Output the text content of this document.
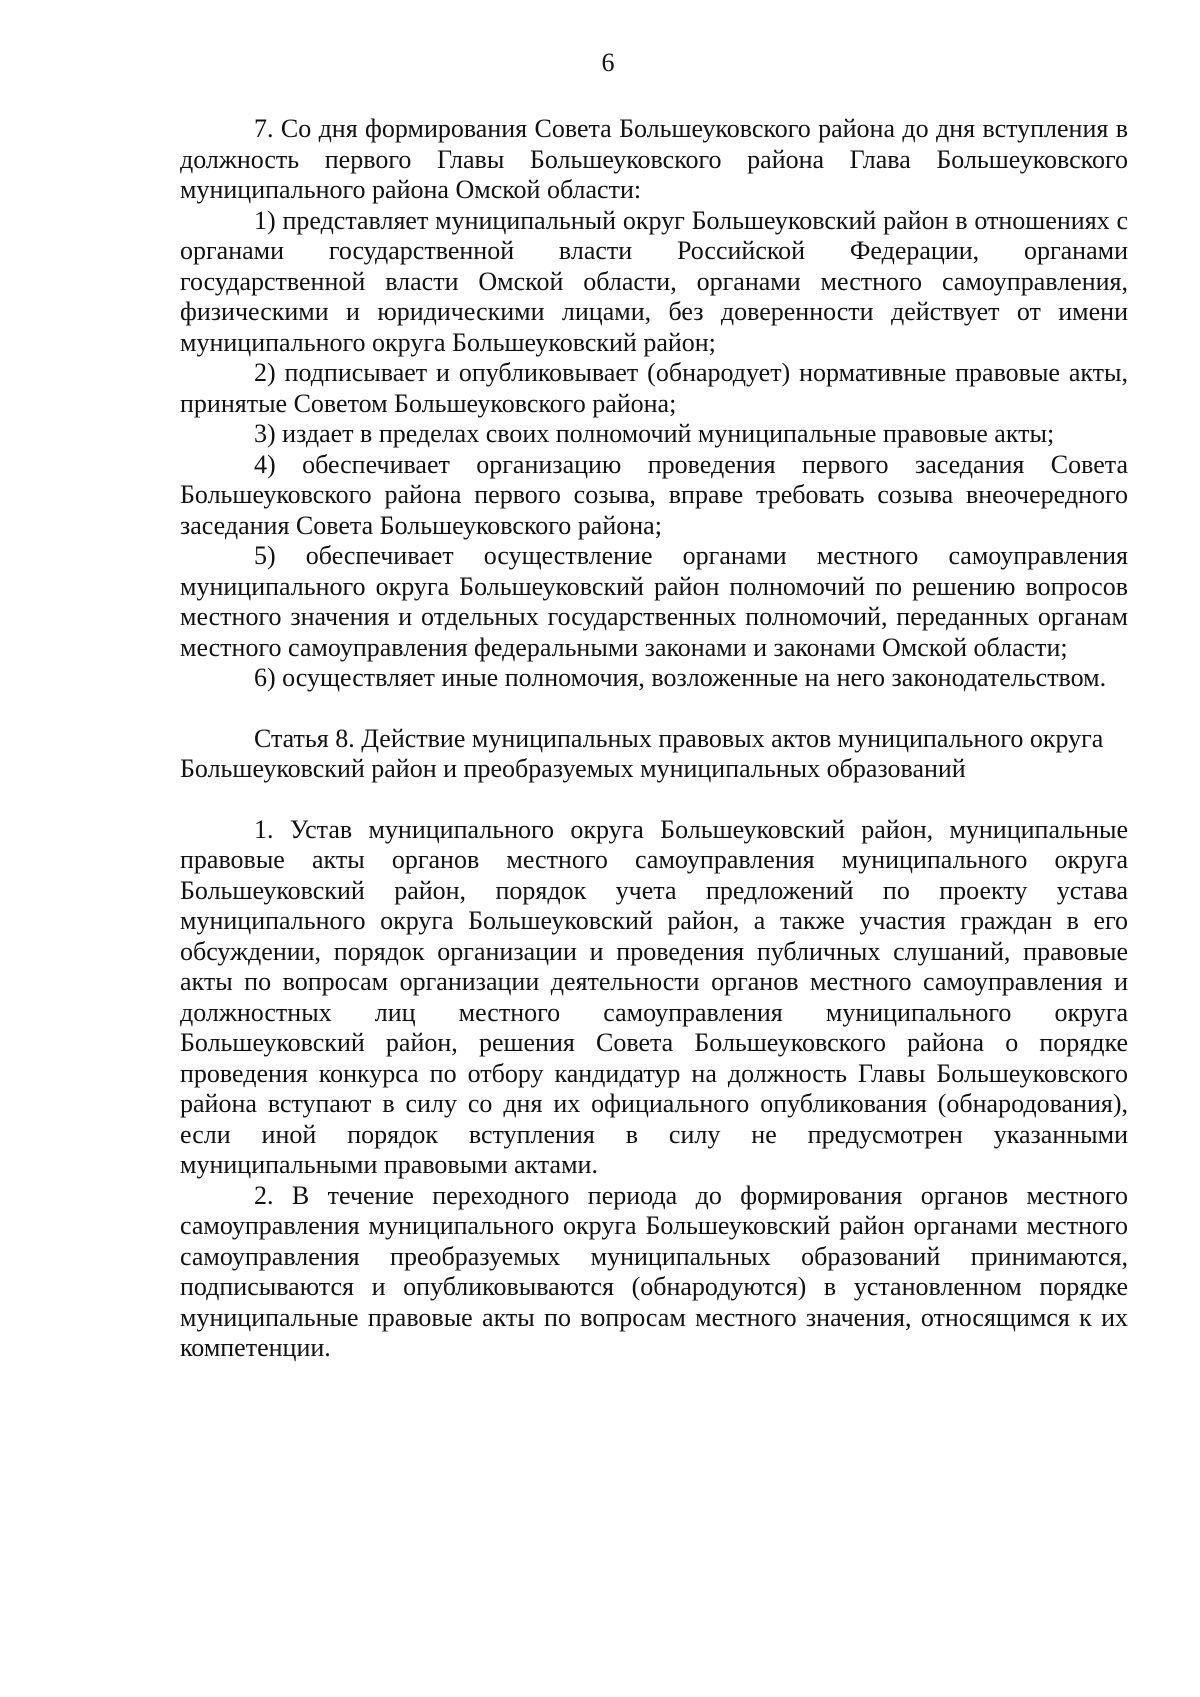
6

7. Со дня формирования Совета Большеуковского района до дня вступления в должность первого Главы Большеуковского района Глава Большеуковского муниципального района Омской области:

1) представляет муниципальный округ Большеуковский район в отношениях с органами государственной власти Российской Федерации, органами государственной власти Омской области, органами местного самоуправления, физическими и юридическими лицами, без доверенности действует от имени муниципального округа Большеуковский район;

2) подписывает и опубликовывает (обнародует) нормативные правовые акты, принятые Советом Большеуковского района;

3) издает в пределах своих полномочий муниципальные правовые акты;

4) обеспечивает организацию проведения первого заседания Совета Большеуковского района первого созыва, вправе требовать созыва внеочередного заседания Совета Большеуковского района;

5) обеспечивает осуществление органами местного самоуправления муниципального округа Большеуковский район полномочий по решению вопросов местного значения и отдельных государственных полномочий, переданных органам местного самоуправления федеральными законами и законами Омской области;

6) осуществляет иные полномочия, возложенные на него законодательством.

Статья 8. Действие муниципальных правовых актов муниципального округа Большеуковский район и преобразуемых муниципальных образований

1. Устав муниципального округа Большеуковский район, муниципальные правовые акты органов местного самоуправления муниципального округа Большеуковский район, порядок учета предложений по проекту устава муниципального округа Большеуковский район, а также участия граждан в его обсуждении, порядок организации и проведения публичных слушаний, правовые акты по вопросам организации деятельности органов местного самоуправления и должностных лиц местного самоуправления муниципального округа Большеуковский район, решения Совета Большеуковского района о порядке проведения конкурса по отбору кандидатур на должность Главы Большеуковского района вступают в силу со дня их официального опубликования (обнародования), если иной порядок вступления в силу не предусмотрен указанными муниципальными правовыми актами.

2. В течение переходного периода до формирования органов местного самоуправления муниципального округа Большеуковский район органами местного самоуправления преобразуемых муниципальных образований принимаются, подписываются и опубликовываются (обнародуются) в установленном порядке муниципальные правовые акты по вопросам местного значения, относящимся к их компетенции.
